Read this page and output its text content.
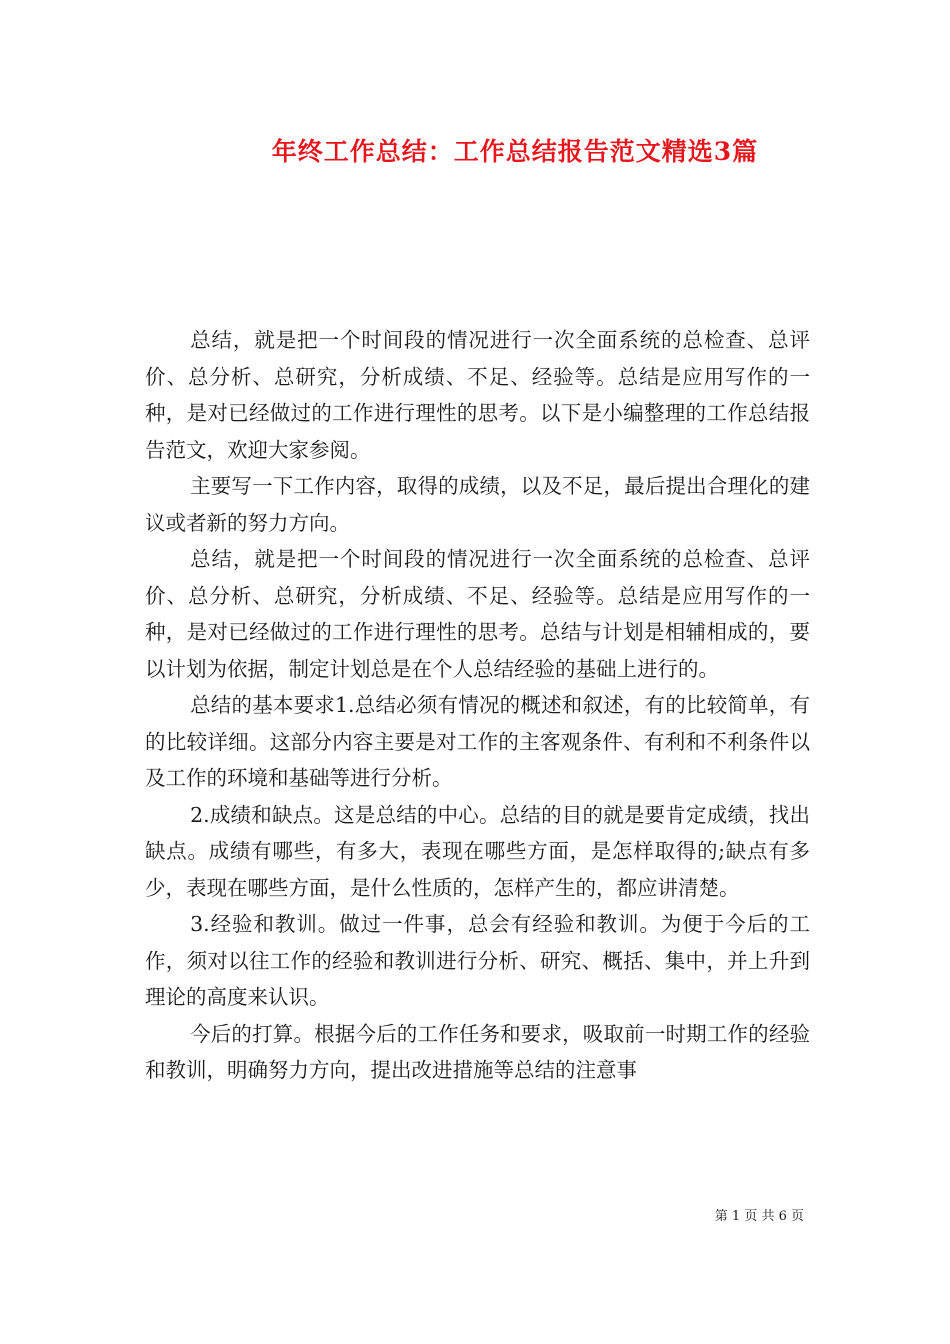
年终工作总结：工作总结报告范文精选3篇

总结，就是把一个时间段的情况进行一次全面系统的总检查、总评价、总分析、总研究，分析成绩、不足、经验等。总结是应用写作的一种，是对已经做过的工作进行理性的思考。以下是小编整理的工作总结报告范文，欢迎大家参阅。

主要写一下工作内容，取得的成绩，以及不足，最后提出合理化的建议或者新的努力方向。

总结，就是把一个时间段的情况进行一次全面系统的总检查、总评价、总分析、总研究，分析成绩、不足、经验等。总结是应用写作的一种，是对已经做过的工作进行理性的思考。总结与计划是相辅相成的，要以计划为依据，制定计划总是在个人总结经验的基础上进行的。

总结的基本要求1.总结必须有情况的概述和叙述，有的比较简单，有的比较详细。这部分内容主要是对工作的主客观条件、有利和不利条件以及工作的环境和基础等进行分析。

2.成绩和缺点。这是总结的中心。总结的目的就是要肯定成绩，找出缺点。成绩有哪些，有多大，表现在哪些方面，是怎样取得的;缺点有多少，表现在哪些方面，是什么性质的，怎样产生的，都应讲清楚。

3.经验和教训。做过一件事，总会有经验和教训。为便于今后的工作，须对以往工作的经验和教训进行分析、研究、概括、集中，并上升到理论的高度来认识。

今后的打算。根据今后的工作任务和要求，吸取前一时期工作的经验和教训，明确努力方向，提出改进措施等总结的注意事

第 1 页 共 6 页
